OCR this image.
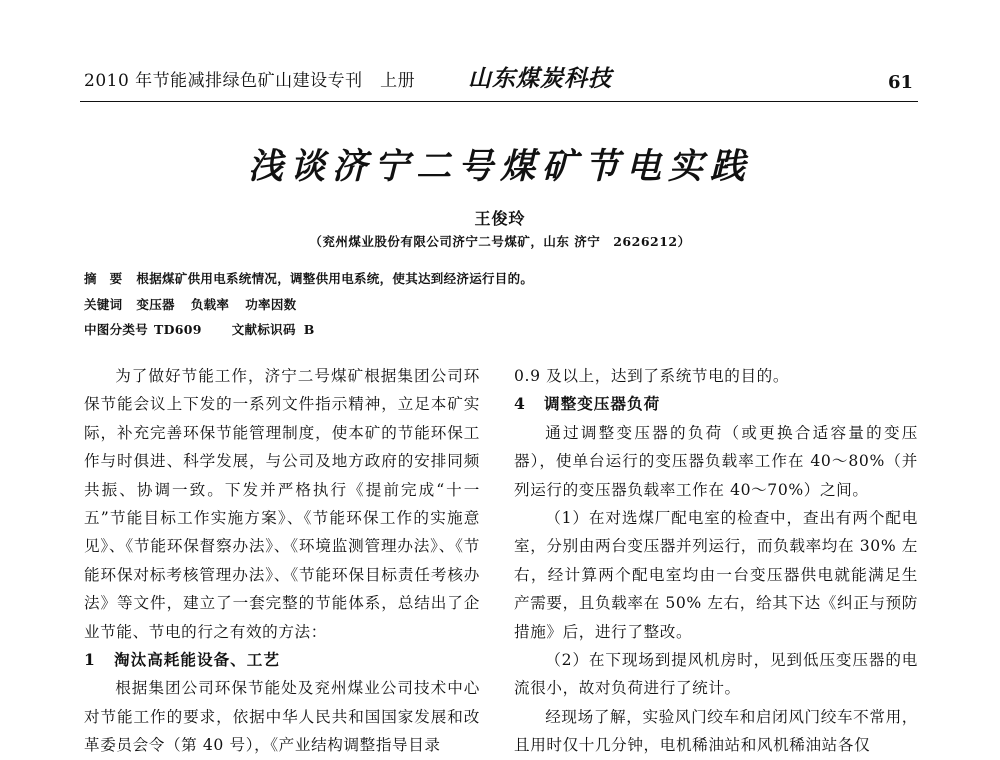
2010 年节能减排绿色矿山建设专刊　上册 山东煤炭科技	61
浅谈济宁二号煤矿节电实践
王俊玲
（兖州煤业股份有限公司济宁二号煤矿，山东 济宁　2626212）
摘　要 根据煤矿供用电系统情况，调整供用电系统，使其达到经济运行目的。
关键词 变压器 负载率 功率因数
中图分类号 TD609 文献标识码 B

为了做好节能工作，济宁二号煤矿根据集团公司环保节能会议上下发的一系列文件指示精神，立足本矿实际，补充完善环保节能管理制度，使本矿的节能环保工作与时俱进、科学发展，与公司及地方政府的安排同频共振、协调一致。下发并严格执行《提前完成“十一五”节能目标工作实施方案》、《节能环保工作的实施意见》、《节能环保督察办法》、《环境监测管理办法》、《节能环保对标考核管理办法》、《节能环保目标责任考核办法》等文件，建立了一套完整的节能体系，总结出了企业节能、节电的行之有效的方法：

1 淘汰高耗能设备、工艺

根据集团公司环保节能处及兖州煤业公司技术中心对节能工作的要求，依据中华人民共和国国家发展和改革委员会令（第 40 号），《产业结构调整指导目录

0.9 及以上，达到了系统节电的目的。

4 调整变压器负荷

通过调整变压器的负荷（或更换合适容量的变压器），使单台运行的变压器负载率工作在 40～80%（并列运行的变压器负载率工作在 40～70%）之间。

（1）在对选煤厂配电室的检查中，查出有两个配电室，分别由两台变压器并列运行，而负载率均在 30% 左右，经计算两个配电室均由一台变压器供电就能满足生产需要，且负载率在 50% 左右，给其下达《纠正与预防措施》后，进行了整改。

（2）在下现场到提风机房时，见到低压变压器的电流很小，故对负荷进行了统计。

经现场了解，实验风门绞车和启闭风门绞车不常用，且用时仅十几分钟，电机稀油站和风机稀油站各仅
